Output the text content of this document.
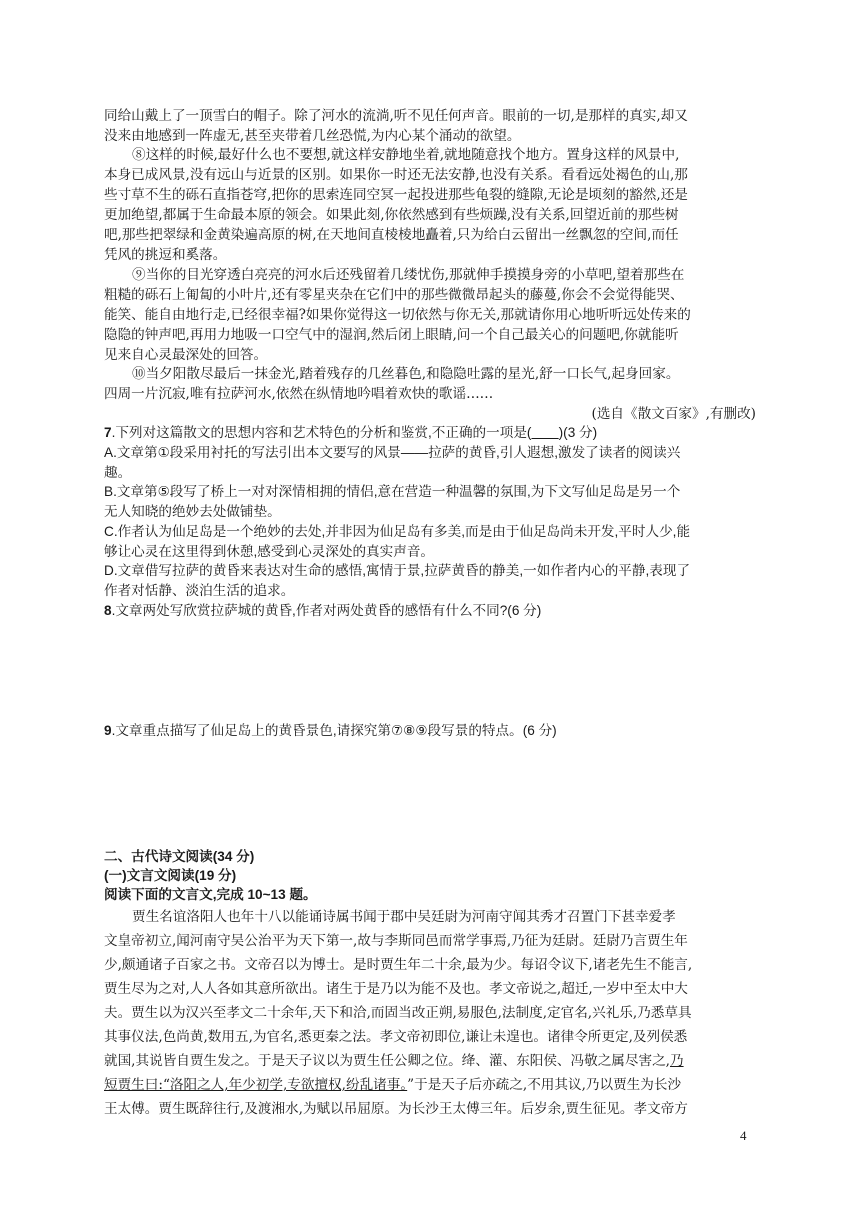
同给山戴上了一顶雪白的帽子。除了河水的流淌,听不见任何声音。眼前的一切,是那样的真实,却又
没来由地感到一阵虚无,甚至夹带着几丝恐慌,为内心某个涌动的欲望。
⑧这样的时候,最好什么也不要想,就这样安静地坐着,就地随意找个地方。置身这样的风景中,
本身已成风景,没有远山与近景的区别。如果你一时还无法安静,也没有关系。看看远处褐色的山,那
些寸草不生的砾石直指苍穹,把你的思索连同空冥一起投进那些龟裂的缝隙,无论是顷刻的豁然,还是
更加绝望,都属于生命最本原的领会。如果此刻,你依然感到有些烦躁,没有关系,回望近前的那些树
吧,那些把翠绿和金黄染遍高原的树,在天地间直棱棱地矗着,只为给白云留出一丝飘忽的空间,而任
凭风的挑逗和奚落。
⑨当你的目光穿透白亮亮的河水后还残留着几缕忧伤,那就伸手摸摸身旁的小草吧,望着那些在
粗糙的砾石上匍匐的小叶片,还有零星夹杂在它们中的那些微微昂起头的藤蔓,你会不会觉得能哭、
能笑、能自由地行走,已经很幸福?如果你觉得这一切依然与你无关,那就请你用心地听听远处传来的
隐隐的钟声吧,再用力地吸一口空气中的湿润,然后闭上眼睛,问一个自己最关心的问题吧,你就能听
见来自心灵最深处的回答。
⑩当夕阳散尽最后一抹金光,踏着残存的几丝暮色,和隐隐吐露的星光,舒一口长气,起身回家。
四周一片沉寂,唯有拉萨河水,依然在纵情地吟唱着欢快的歌谣……
(选自《散文百家》,有删改)
7.下列对这篇散文的思想内容和艺术特色的分析和鉴赏,不正确的一项是(　　 )(3 分)
A.文章第①段采用衬托的写法引出本文要写的风景——拉萨的黄昏,引人遐想,激发了读者的阅读兴
趣。
B.文章第⑤段写了桥上一对对深情相拥的情侣,意在营造一种温馨的氛围,为下文写仙足岛是另一个
无人知晓的绝妙去处做铺垫。
C.作者认为仙足岛是一个绝妙的去处,并非因为仙足岛有多美,而是由于仙足岛尚未开发,平时人少,能
够让心灵在这里得到休憩,感受到心灵深处的真实声音。
D.文章借写拉萨的黄昏来表达对生命的感悟,寓情于景,拉萨黄昏的静美,一如作者内心的平静,表现了
作者对恬静、淡泊生活的追求。
8.文章两处写欣赏拉萨城的黄昏,作者对两处黄昏的感悟有什么不同?(6 分)
9.文章重点描写了仙足岛上的黄昏景色,请探究第⑦⑧⑨段写景的特点。(6 分)
二、古代诗文阅读(34 分)
(一)文言文阅读(19 分)
阅读下面的文言文,完成 10~13 题。
贾生名谊洛阳人也年十八以能诵诗属书闻于郡中吴廷尉为河南守闻其秀才召置门下甚幸爱孝
文皇帝初立,闻河南守吴公治平为天下第一,故与李斯同邑而常学事焉,乃征为廷尉。廷尉乃言贾生年
少,颇通诸子百家之书。文帝召以为博士。是时贾生年二十余,最为少。每诏令议下,诸老先生不能言,
贾生尽为之对,人人各如其意所欲出。诸生于是乃以为能不及也。孝文帝说之,超迁,一岁中至太中大
夫。贾生以为汉兴至孝文二十余年,天下和洽,而固当改正朔,易服色,法制度,定官名,兴礼乐,乃悉草具
其事仪法,色尚黄,数用五,为官名,悉更秦之法。孝文帝初即位,谦让未遑也。诸律令所更定,及列侯悉
就国,其说皆自贾生发之。于是天子议以为贾生任公卿之位。绛、灌、东阳侯、冯敬之属尽害之,乃
短贾生曰:“洛阳之人,年少初学,专欲擅权,纷乱诸事。”于是天子后亦疏之,不用其议,乃以贾生为长沙
王太傅。贾生既辞往行,及渡湘水,为赋以吊屈原。为长沙王太傅三年。后岁余,贾生征见。孝文帝方
4
